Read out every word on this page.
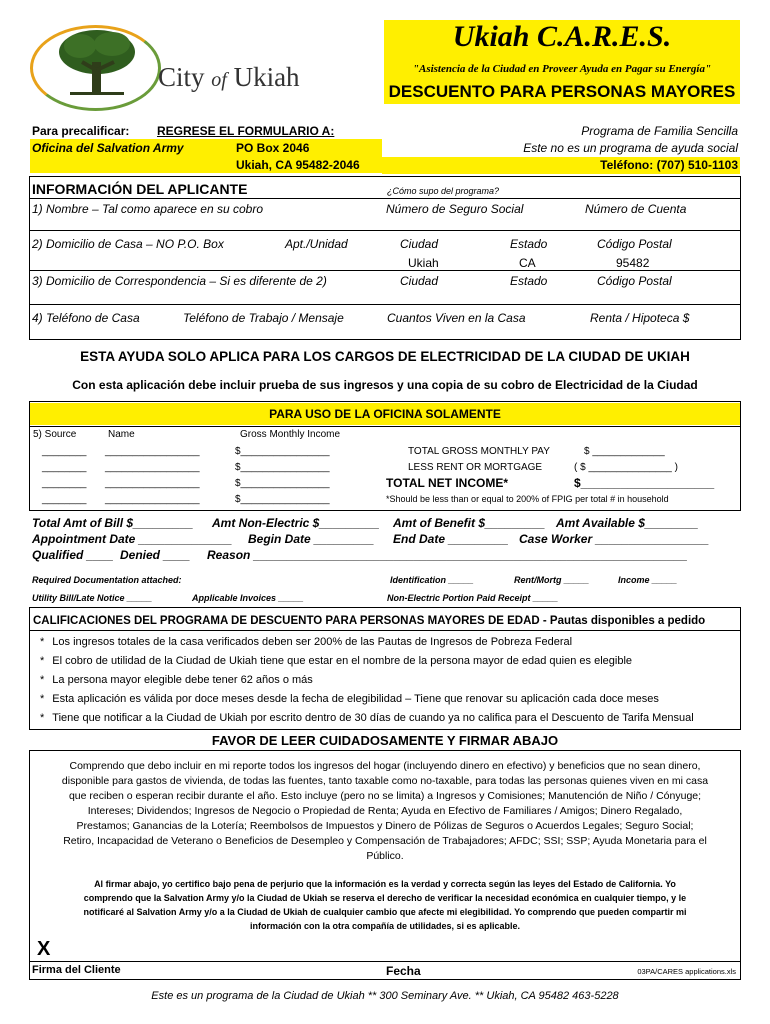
City of Ukiah
Ukiah C.A.R.E.S.
"Asistencia de la Ciudad en Proveer Ayuda en Pagar su Energía"
DESCUENTO PARA PERSONAS MAYORES
Para precalificar: REGRESE EL FORMULARIO A:
Oficina del Salvation Army	PO Box 2046
Ukiah, CA 95482-2046
Programa de Familia Sencilla
Este no es un programa de ayuda social
Teléfono: (707) 510-1103
INFORMACIÓN DEL APLICANTE	¿Cómo supo del programa?
1) Nombre – Tal como aparece en su cobro	Número de Seguro Social	Número de Cuenta
2) Domicilio de Casa – NO P.O. Box	Apt./Unidad	Ciudad	Estado	Código Postal
Ukiah	CA	95482
3) Domicilio de Correspondencia – Si es diferente de 2)	Ciudad	Estado	Código Postal
4) Teléfono de Casa	Teléfono de Trabajo / Mensaje	Cuantos Viven en la Casa	Renta / Hipoteca $
ESTA AYUDA SOLO APLICA PARA LOS CARGOS DE ELECTRICIDAD DE LA CIUDAD DE UKIAH
Con esta aplicación debe incluir prueba de sus ingresos y una copia de su cobro de Electricidad de la Ciudad
PARA USO DE LA OFICINA SOLAMENTE
5) Source	Name	Gross Monthly Income
________ _________________	$________________
________ _________________	$________________
________ _________________	$________________
________ _________________	$________________
TOTAL GROSS MONTHLY PAY	$ _____________
LESS RENT OR MORTGAGE	( $ _______________ )
TOTAL NET INCOME*	$____________________
*Should be less than or equal to 200% of FPIG per total # in household
Total Amt of Bill $_________ Amt Non-Electric $_________ Amt of Benefit $_________ Amt Available $________
Appointment Date ______________ Begin Date _________ End Date _________ Case Worker _________________
Qualified ____ Denied ____ Reason _________________________________________________________________
Required Documentation attached:	Identification _____	Rent/Mortg _____	Income _____
Utility Bill/Late Notice _____	Applicable Invoices _____	Non-Electric Portion Paid Receipt _____
CALIFICACIONES DEL PROGRAMA DE DESCUENTO PARA PERSONAS MAYORES DE EDAD - Pautas disponibles a pedido
* Los ingresos totales de la casa verificados deben ser 200% de las Pautas de Ingresos de Pobreza Federal
* El cobro de utilidad de la Ciudad de Ukiah tiene que estar en el nombre de la persona mayor de edad quien es elegible
* La persona mayor elegible debe tener 62 años o más
* Esta aplicación es válida por doce meses desde la fecha de elegibilidad – Tiene que renovar su aplicación cada doce meses
* Tiene que notificar a la Ciudad de Ukiah por escrito dentro de 30 días de cuando ya no califica para el Descuento de Tarifa Mensual
FAVOR DE LEER CUIDADOSAMENTE Y FIRMAR ABAJO
Comprendo que debo incluir en mi reporte todos los ingresos del hogar (incluyendo dinero en efectivo) y beneficios que no sean dinero,
disponible para gastos de vivienda, de todas las fuentes, tanto taxable como no-taxable, para todas las personas quienes viven en mi casa
que reciben o esperan recibir durante el año. Esto incluye (pero no se limita) a Ingresos y Comisiones; Manutención de Niño / Cónyuge;
Intereses; Dividendos; Ingresos de Negocio o Propiedad de Renta; Ayuda en Efectivo de Familiares / Amigos; Dinero Regalado,
Prestamos; Ganancias de la Lotería; Reembolsos de Impuestos y Dinero de Pólizas de Seguros o Acuerdos Legales; Seguro Social;
Retiro, Incapacidad de Veterano o Beneficios de Desempleo y Compensación de Trabajadores; AFDC; SSI; SSP; Ayuda Monetaria para el
Público.
Al firmar abajo, yo certifico bajo pena de perjurio que la información es la verdad y correcta según las leyes del Estado de California. Yo
comprendo que la Salvation Army y/o la Ciudad de Ukiah se reserva el derecho de verificar la necesidad económica en cualquier tiempo, y le
notificaré al Salvation Army y/o a la Ciudad de Ukiah de cualquier cambio que afecte mi elegibilidad. Yo comprendo que pueden compartir mi
información con la otra compañía de utilidades, si es aplicable.
X
Firma del Cliente	Fecha	03PA/CARES applications.xls
Este es un programa de la Ciudad de Ukiah ** 300 Seminary Ave. ** Ukiah, CA 95482 463-5228
